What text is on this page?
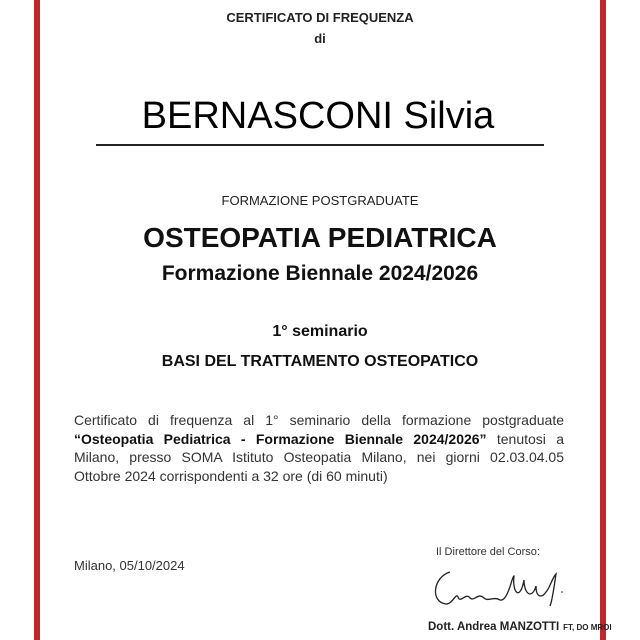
CERTIFICATO DI FREQUENZA
di
BERNASCONI Silvia
FORMAZIONE POSTGRADUATE
OSTEOPATIA PEDIATRICA
Formazione Biennale 2024/2026
1° seminario
BASI DEL TRATTAMENTO OSTEOPATICO
Certificato di frequenza al 1° seminario della formazione postgraduate “Osteopatia Pediatrica - Formazione Biennale 2024/2026” tenutosi a Milano, presso SOMA Istituto Osteopatia Milano, nei giorni 02.03.04.05 Ottobre 2024 corrispondenti a 32 ore (di 60 minuti)
Milano, 05/10/2024
Il Direttore del Corso:
Dott. Andrea MANZOTTI FT, DO MROI
